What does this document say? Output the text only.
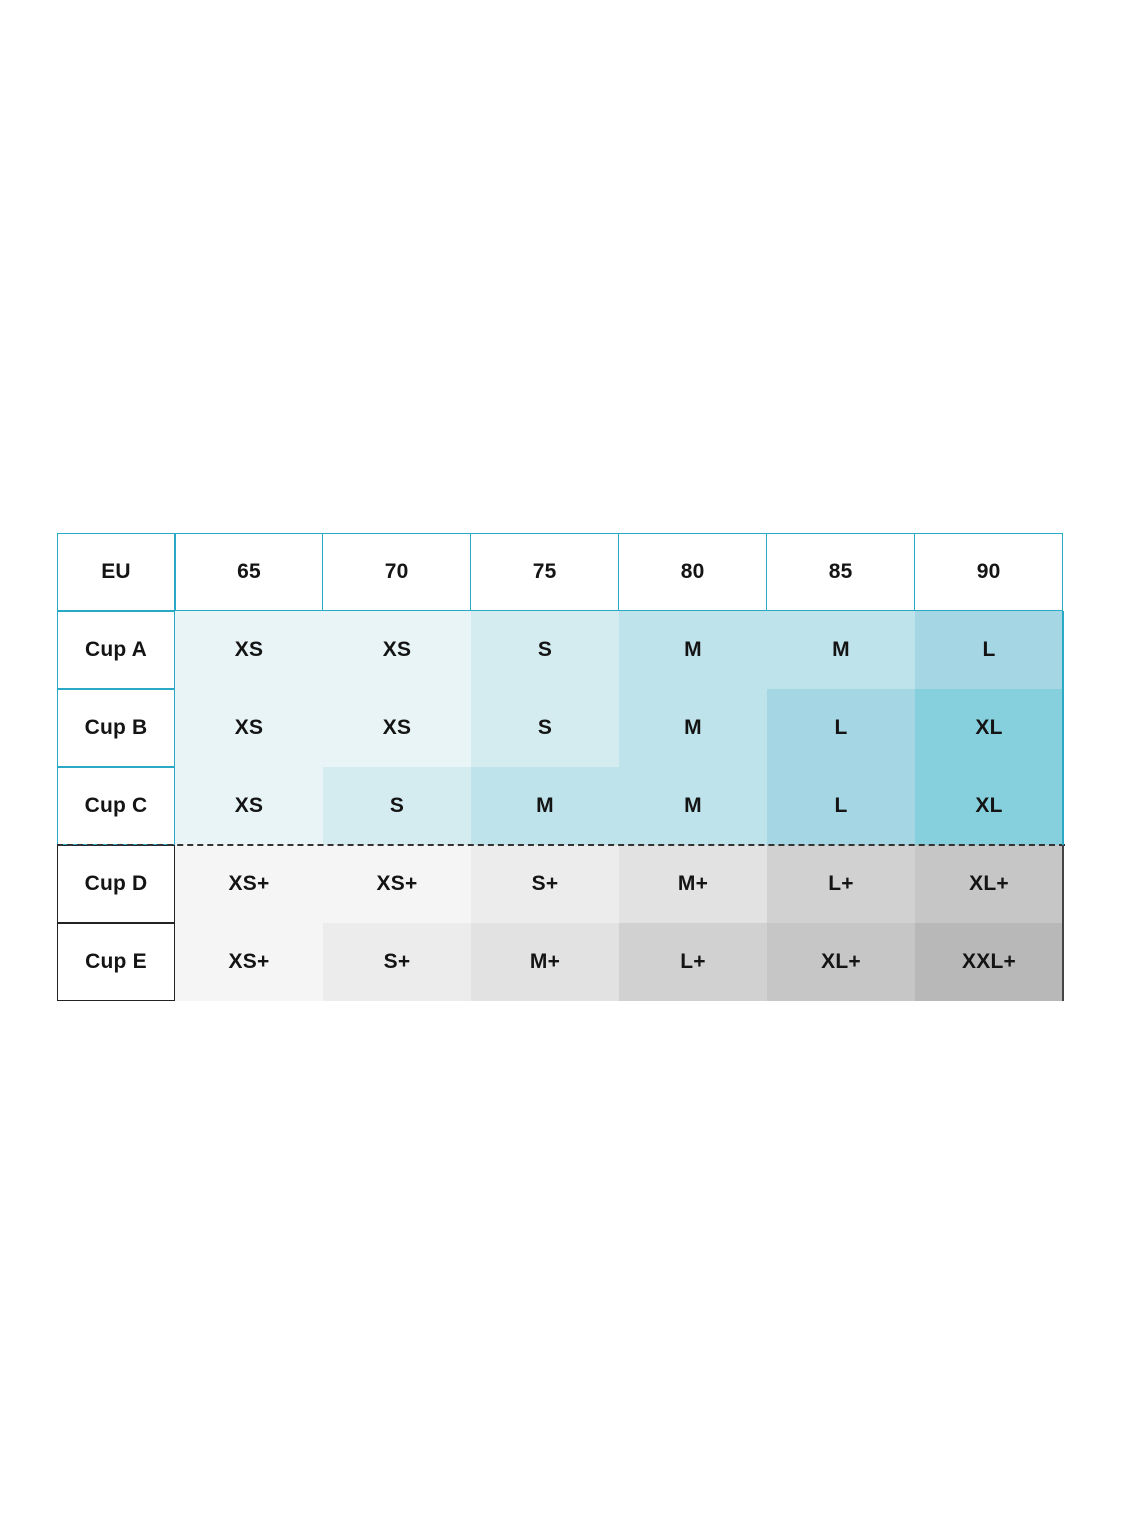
Cup E
Cup D
Cup C
Cup B
Cup A
90
85
80
75
70
65
EU
XXL+
XL+
L+
M+
S+
XS+
XL+
L+
M+
S+
XS+
XS+
XL
L
M
M
S
XS
XL
L
M
S
XS
XS
L
M
M
S
XS
XS
